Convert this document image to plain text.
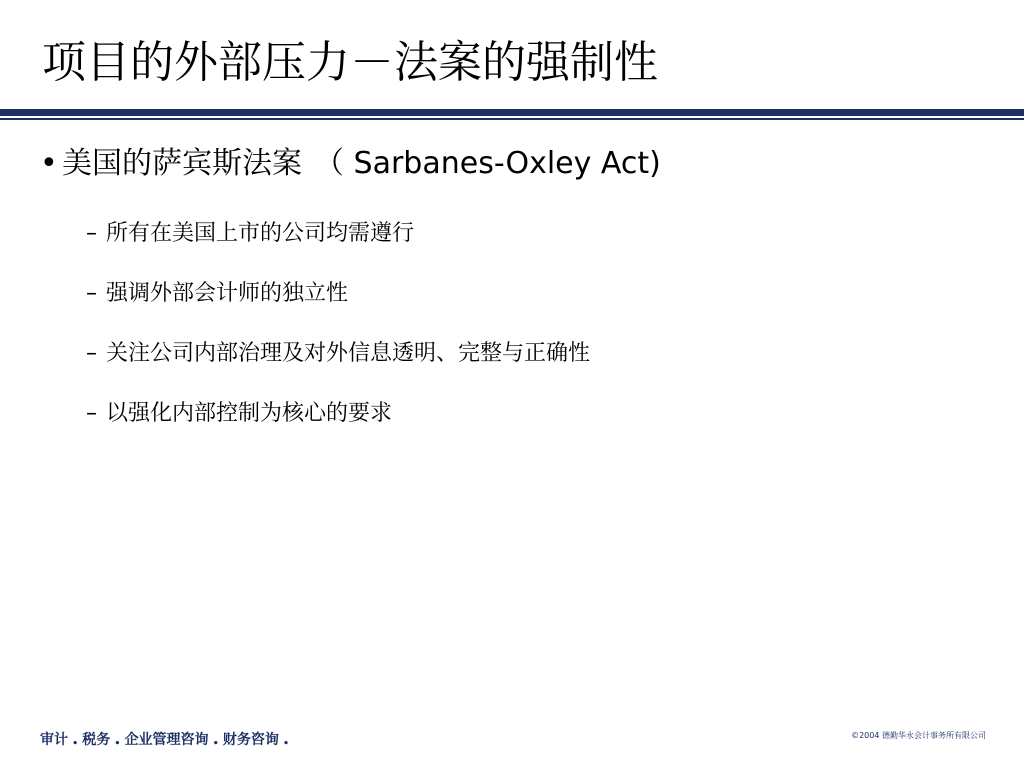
项目的外部压力－法案的强制性
• 美国的萨宾斯法案 （ Sarbanes-Oxley Act)
– 所有在美国上市的公司均需遵行
– 强调外部会计师的独立性
– 关注公司内部治理及对外信息透明、完整与正确性
– 以强化内部控制为核心的要求
审计 . 税务 . 企业管理咨询 . 财务咨询 .	©2004 德勤华永会计事务所有限公司
